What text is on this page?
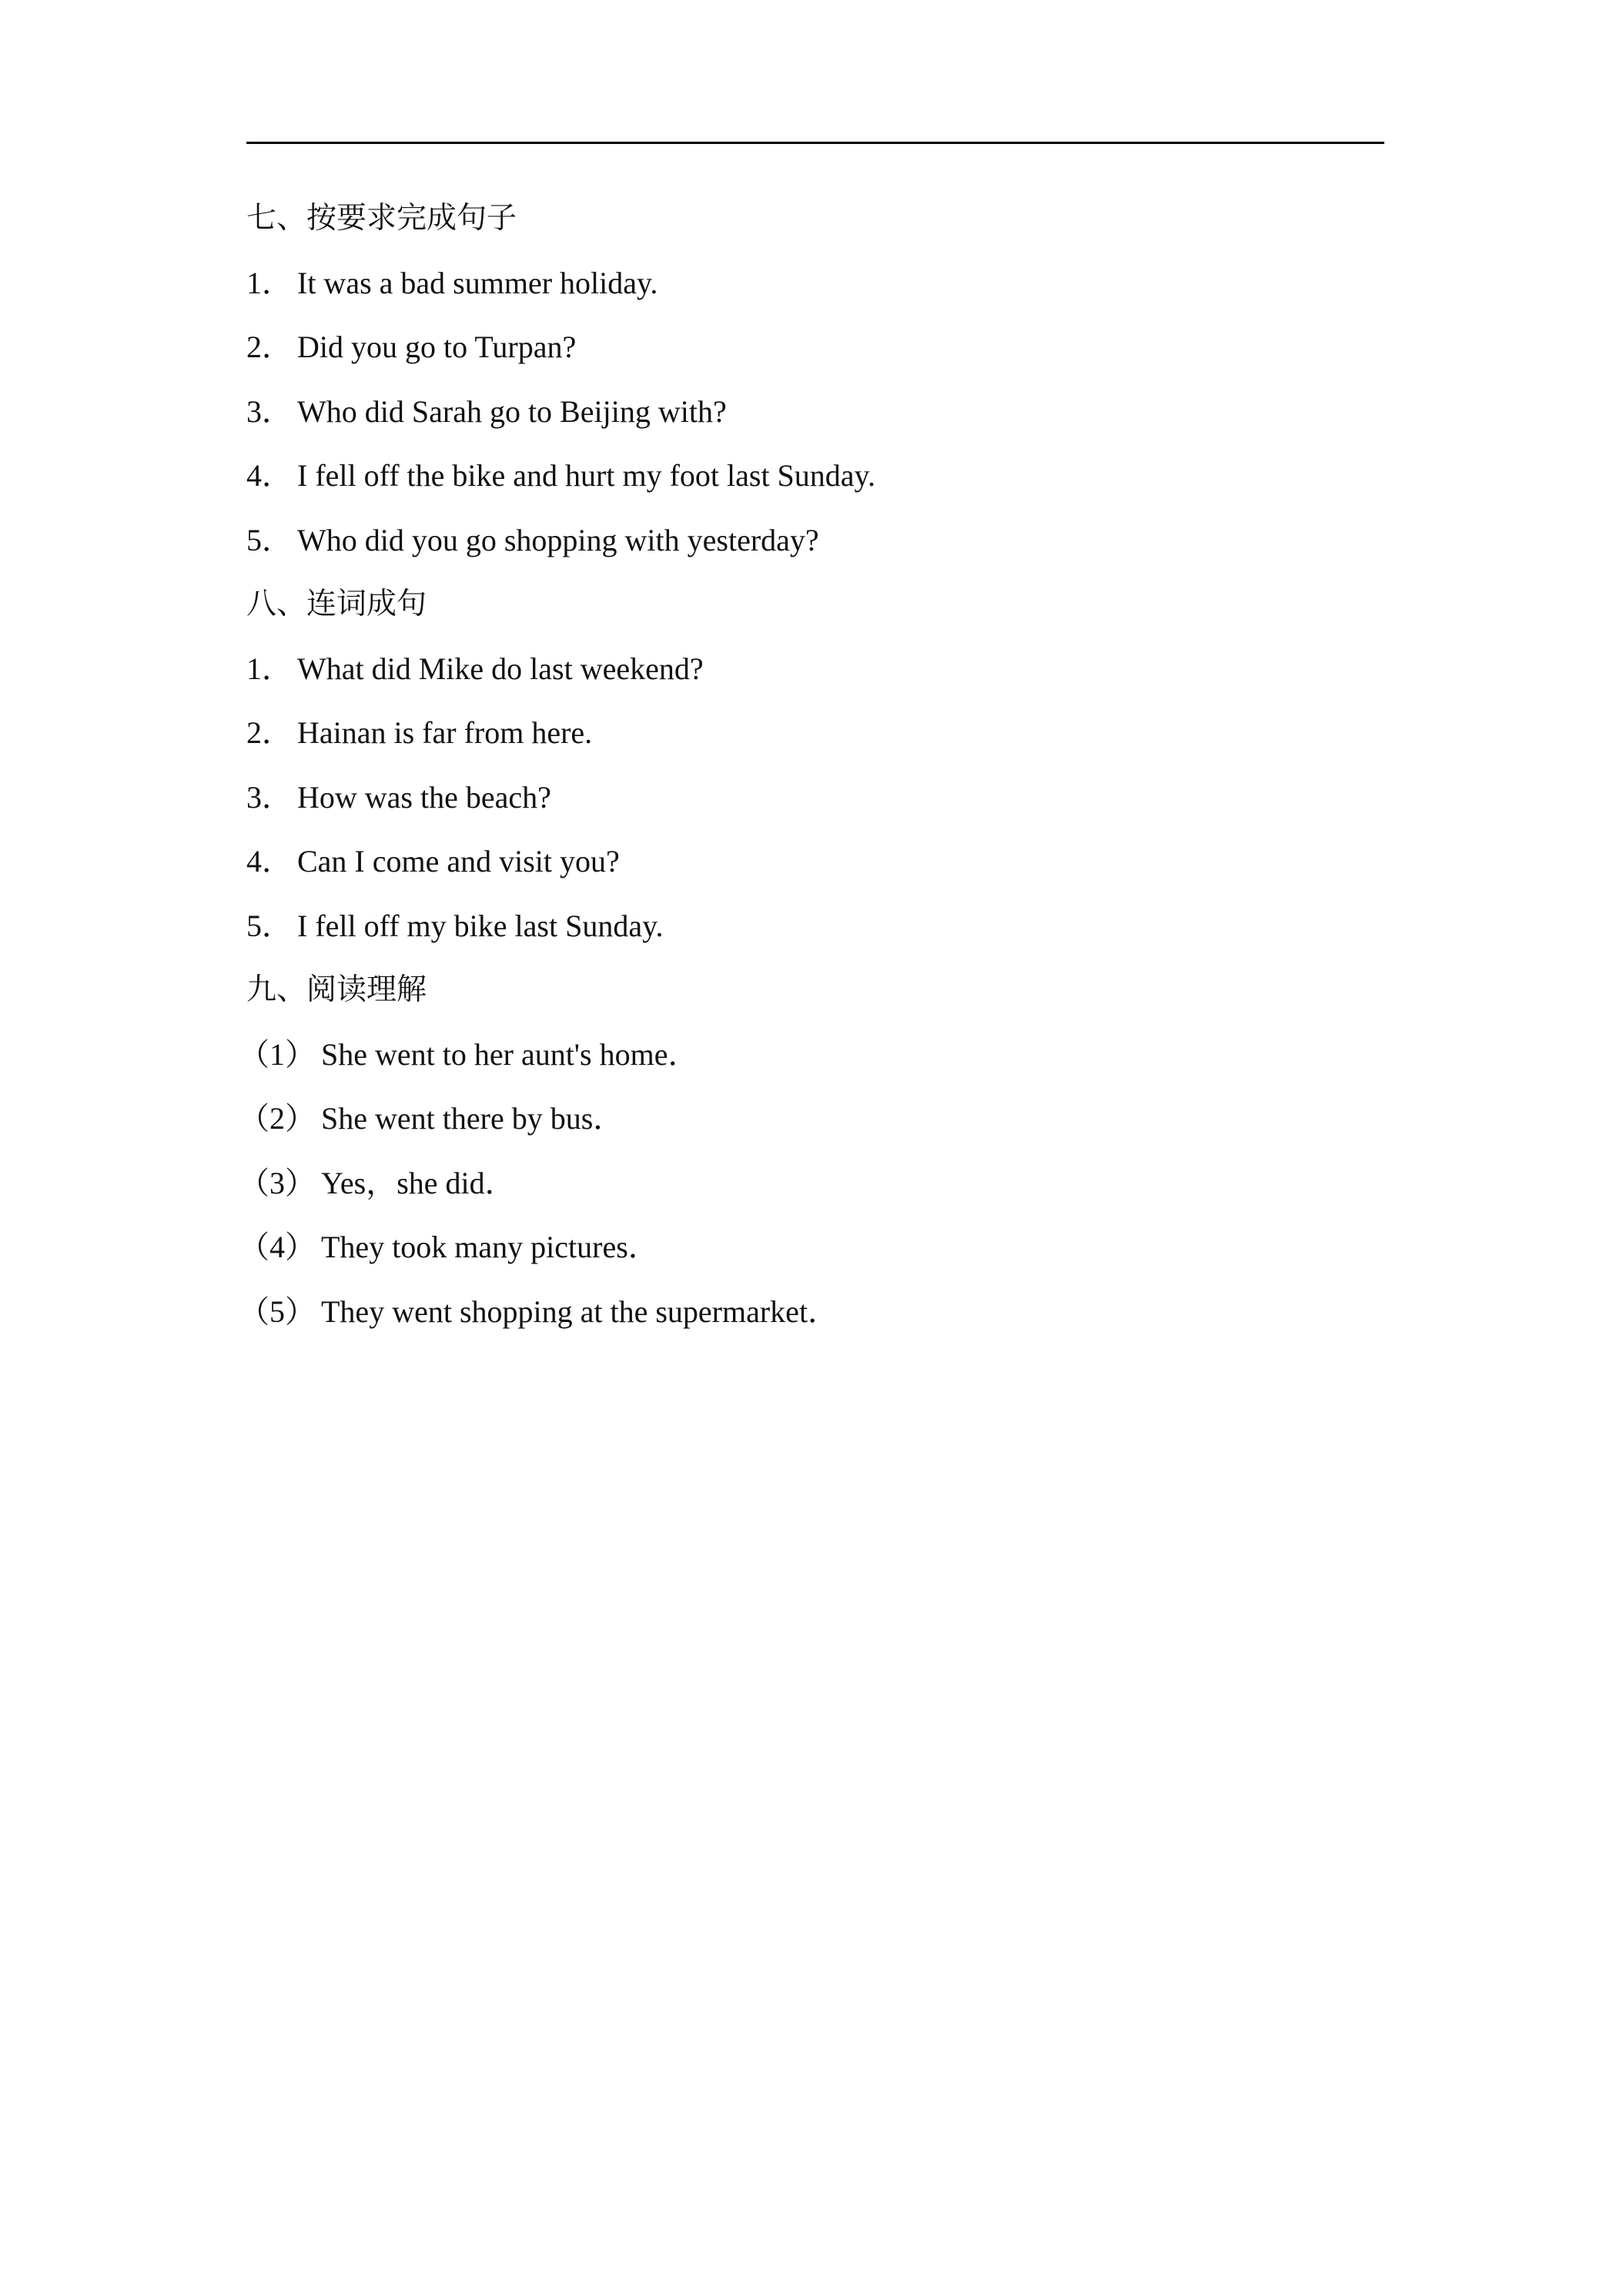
七、按要求完成句子

1． It was a bad summer holiday.

2． Did you go to Turpan?

3． Who did Sarah go to Beijing with?

4． I fell off the bike and hurt my foot last Sunday.

5． Who did you go shopping with yesterday?

八、连词成句

1． What did Mike do last weekend?

2． Hainan is far from here.

3． How was the beach?

4． Can I come and visit you?

5． I fell off my bike last Sunday.

九、阅读理解

（1） She went to her aunt's home．

（2） She went there by bus．

（3） Yes，she did．

（4） They took many pictures．

（5） They went shopping at the supermarket．
